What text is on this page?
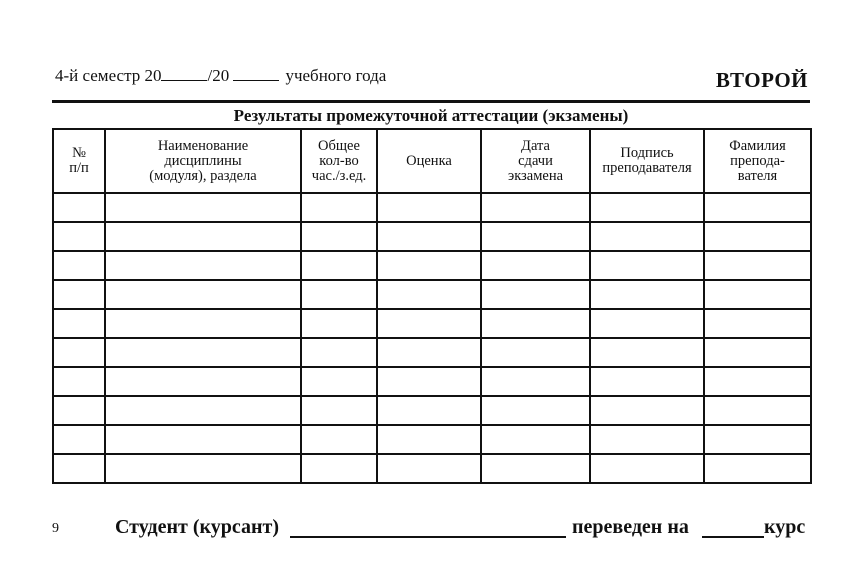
4-й семестр 20	/20	учебного года	ВТОРОЙ
Результаты промежуточной аттестации (экзамены)
№
п/п	Наименование
дисциплины
(модуля), раздела	Общее
кол-во
час./з.ед.	Оценка	Дата
сдачи
экзамена	Подпись
преподавателя	Фамилия
преподa-
вателя

9	Студент (курсант)	переведен на	курс
